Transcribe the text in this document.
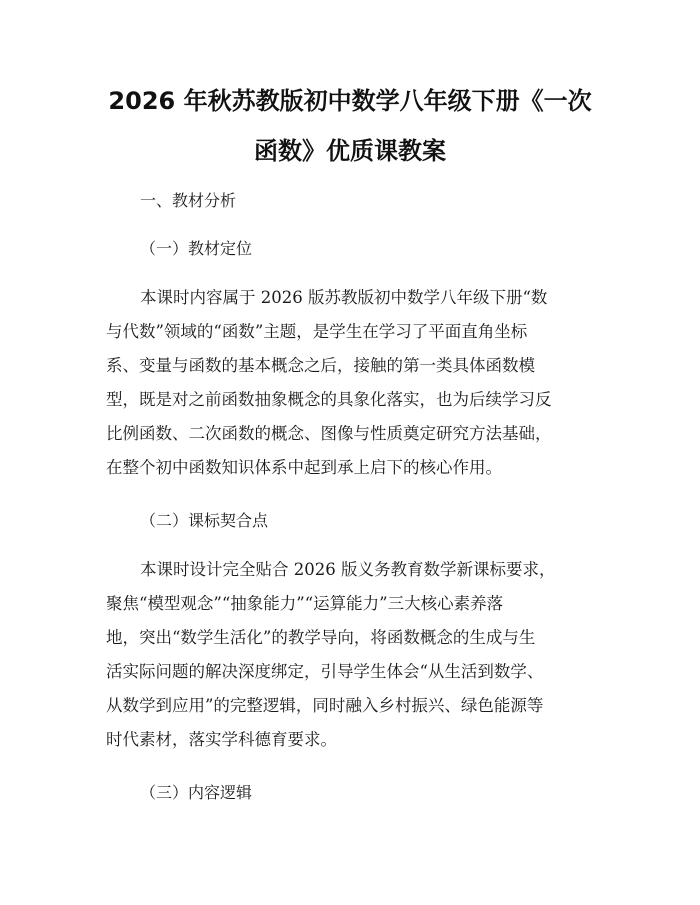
2026 年秋苏教版初中数学八年级下册《一次
函数》优质课教案
一、教材分析
（一）教材定位
本课时内容属于 2026 版苏教版初中数学八年级下册“数
与代数”领域的“函数”主题，是学生在学习了平面直角坐标
系、变量与函数的基本概念之后，接触的第一类具体函数模
型，既是对之前函数抽象概念的具象化落实，也为后续学习反
比例函数、二次函数的概念、图像与性质奠定研究方法基础，
在整个初中函数知识体系中起到承上启下的核心作用。
（二）课标契合点
本课时设计完全贴合 2026 版义务教育数学新课标要求，
聚焦“模型观念”“抽象能力”“运算能力”三大核心素养落
地，突出“数学生活化”的教学导向，将函数概念的生成与生
活实际问题的解决深度绑定，引导学生体会“从生活到数学、
从数学到应用”的完整逻辑，同时融入乡村振兴、绿色能源等
时代素材，落实学科德育要求。
（三）内容逻辑
